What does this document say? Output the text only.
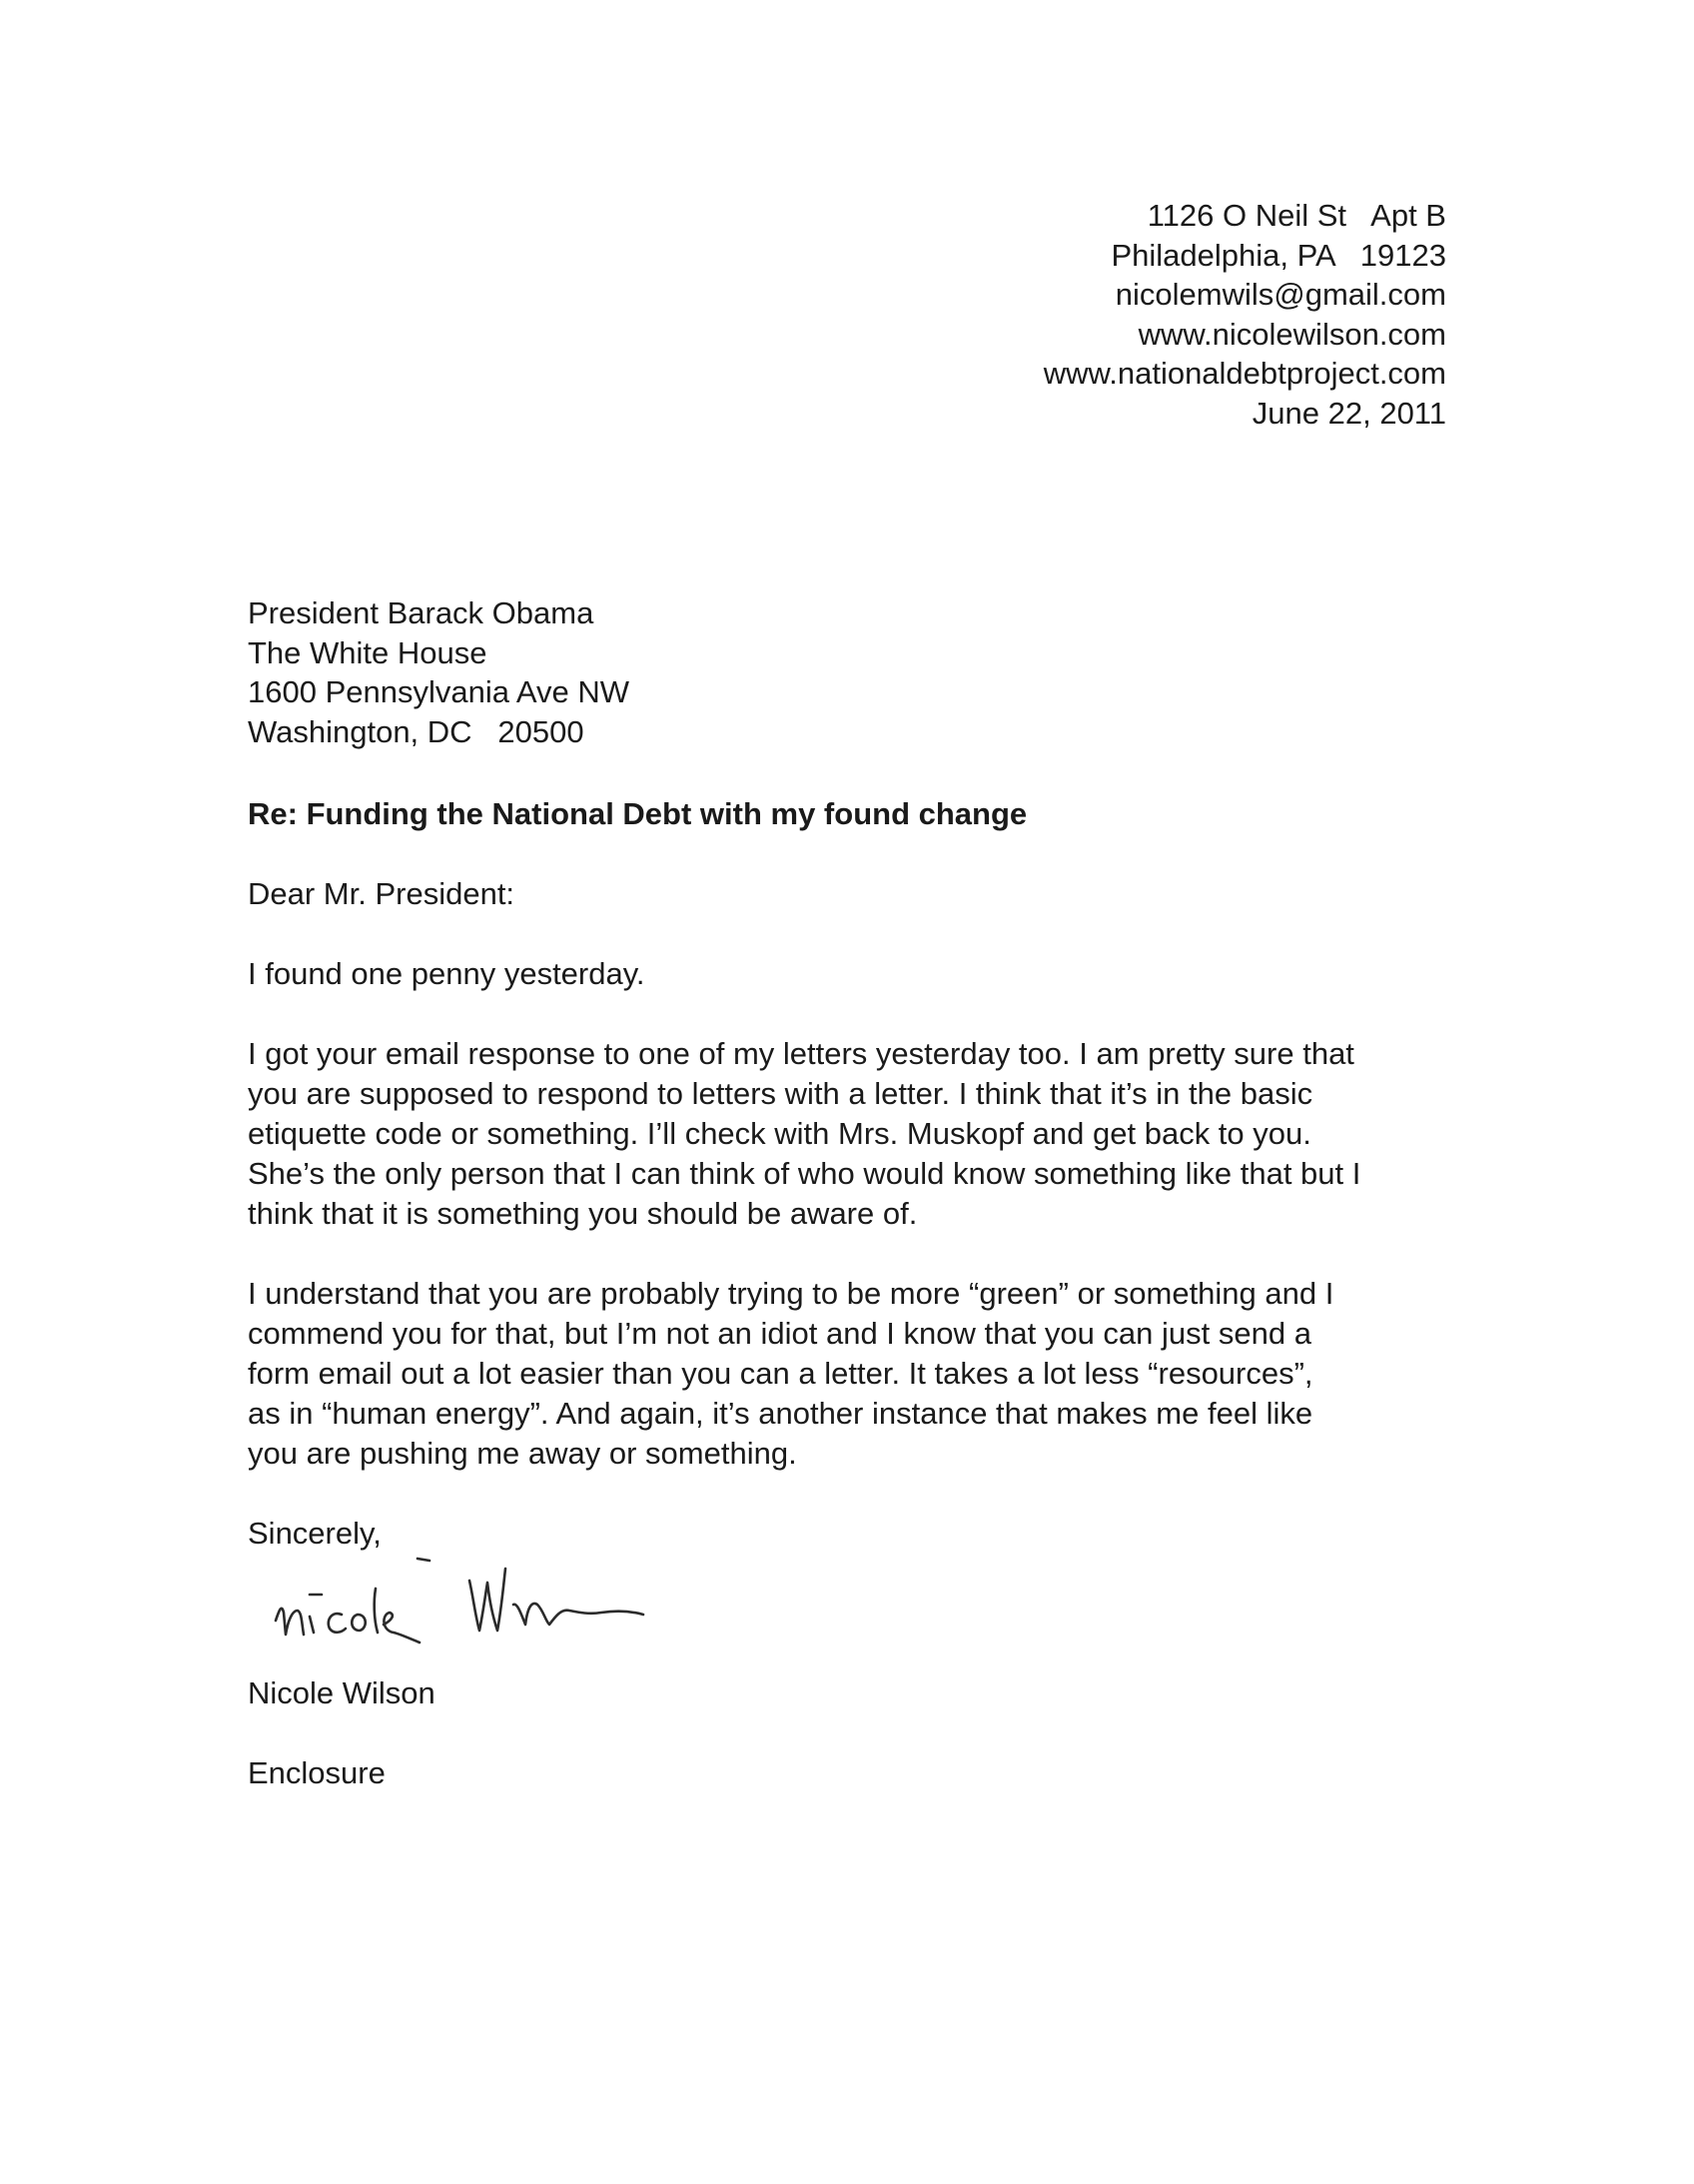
1126 O Neil St   Apt B
Philadelphia, PA   19123
nicolemwils@gmail.com
www.nicolewilson.com
www.nationaldebtproject.com
June 22, 2011
President Barack Obama
The White House
1600 Pennsylvania Ave NW
Washington, DC   20500
Re: Funding the National Debt with my found change
Dear Mr. President:
I found one penny yesterday.
I got your email response to one of my letters yesterday too. I am pretty sure that
you are supposed to respond to letters with a letter. I think that it’s in the basic
etiquette code or something. I’ll check with Mrs. Muskopf and get back to you.
She’s the only person that I can think of who would know something like that but I
think that it is something you should be aware of.
I understand that you are probably trying to be more “green” or something and I
commend you for that, but I’m not an idiot and I know that you can just send a
form email out a lot easier than you can a letter. It takes a lot less “resources”,
as in “human energy”. And again, it’s another instance that makes me feel like
you are pushing me away or something.
Sincerely,
Nicole Wilson
Enclosure
